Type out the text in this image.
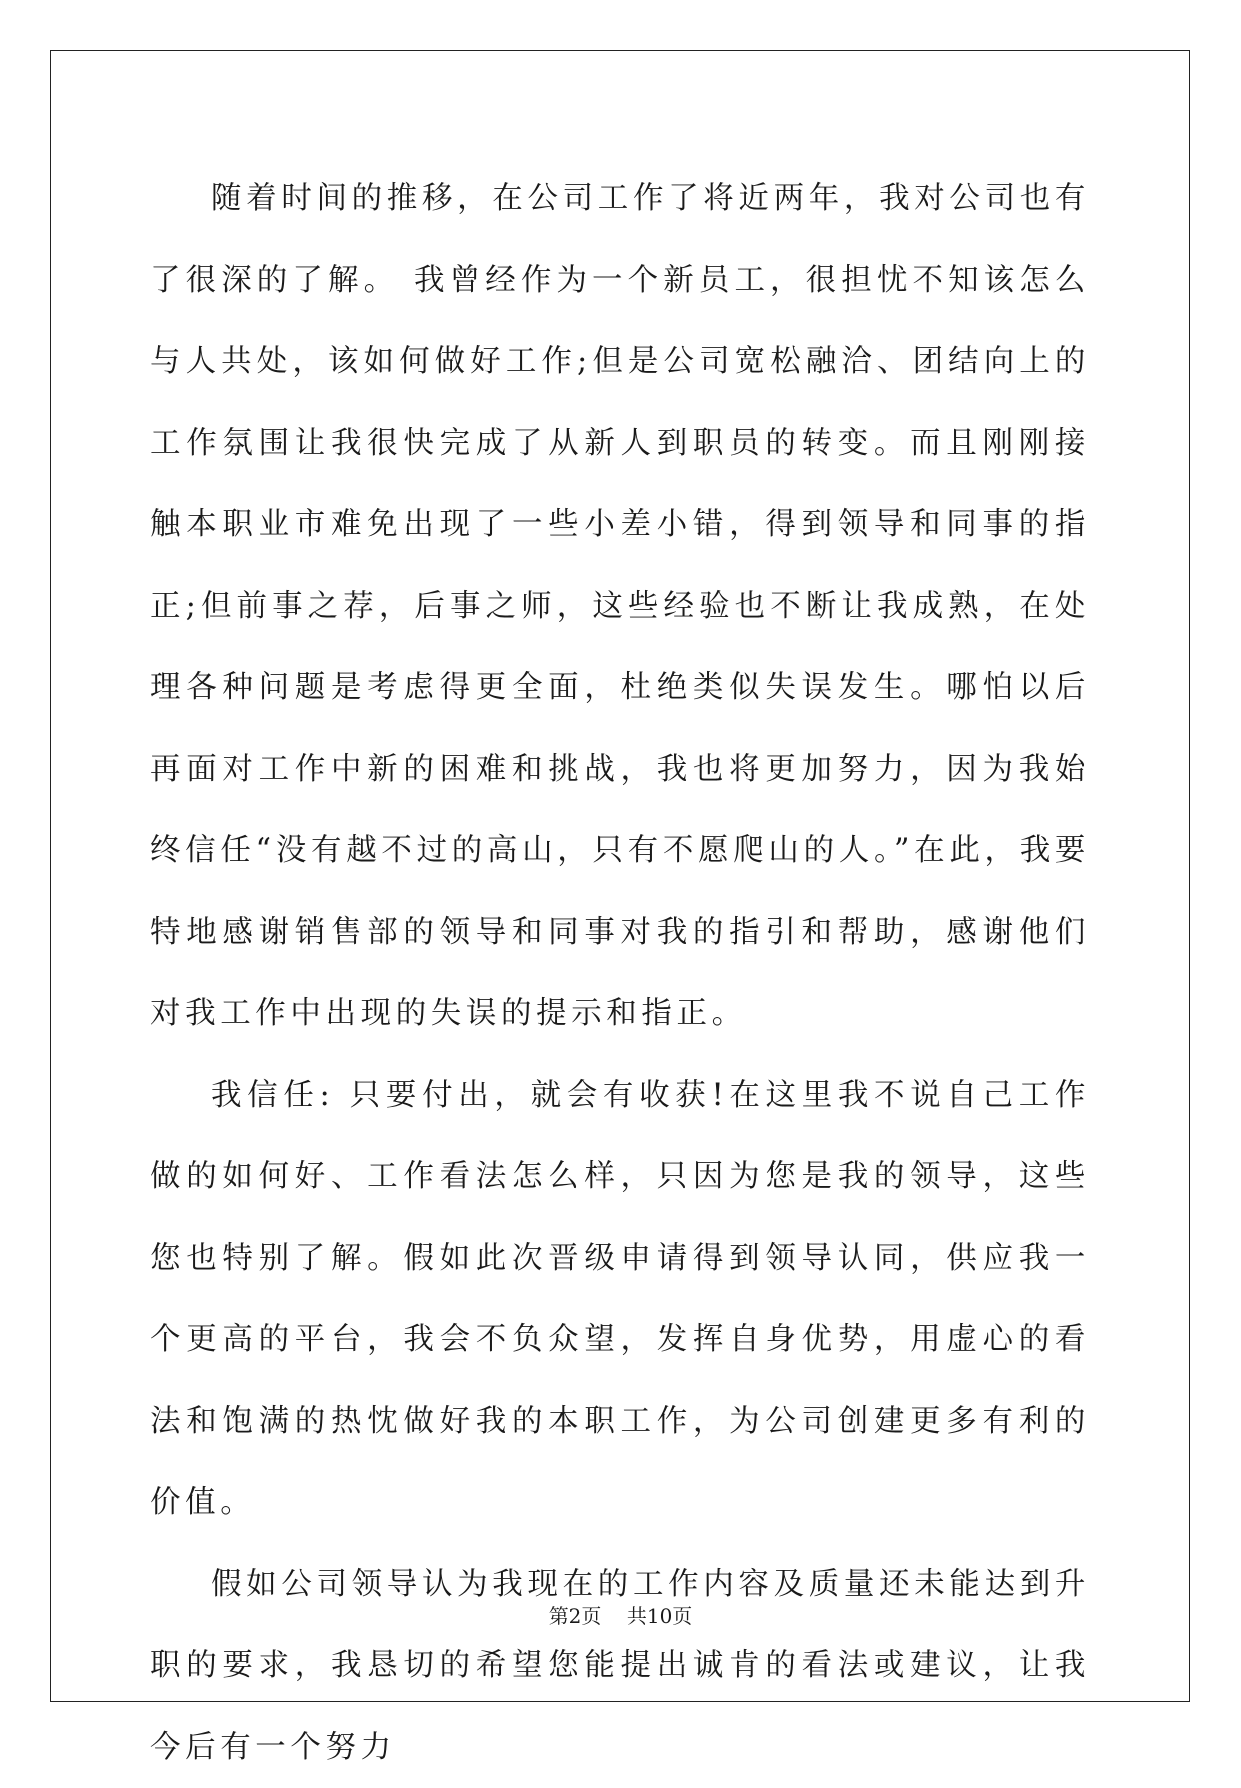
随着时间的推移，在公司工作了将近两年，我对公司也有了很深的了解。 我曾经作为一个新员工，很担忧不知该怎么与人共处，该如何做好工作;但是公司宽松融洽、团结向上的工作氛围让我很快完成了从新人到职员的转变。而且刚刚接触本职业市难免出现了一些小差小错，得到领导和同事的指正;但前事之荐，后事之师，这些经验也不断让我成熟，在处理各种问题是考虑得更全面，杜绝类似失误发生。哪怕以后再面对工作中新的困难和挑战，我也将更加努力，因为我始终信任“没有越不过的高山，只有不愿爬山的人。”在此，我要特地感谢销售部的领导和同事对我的指引和帮助，感谢他们对我工作中出现的失误的提示和指正。

我信任: 只要付出，就会有收获!在这里我不说自己工作做的如何好、工作看法怎么样，只因为您是我的领导，这些您也特别了解。假如此次晋级申请得到领导认同，供应我一个更高的平台，我会不负众望，发挥自身优势，用虚心的看法和饱满的热忱做好我的本职工作，为公司创建更多有利的价值。

假如公司领导认为我现在的工作内容及质量还未能达到升职的要求，我恳切的希望您能提出诚肯的看法或建议，让我今后有一个努力

第2页    共10页
